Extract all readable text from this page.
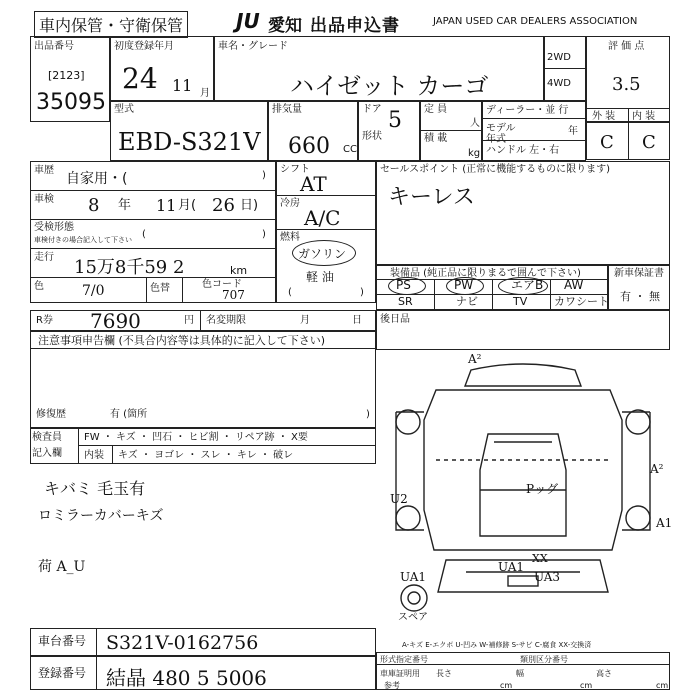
車内保管・守衛保管	JU 愛知 出品申込書	JAPAN USED CAR DEALERS ASSOCIATION
出品番号
[2123]
35095
初度登録年月
24 11 月
車名・グレード
ハイゼット カーゴ
2WD
4WD
評 価 点
3.5
外 装 内 装
C C
型式
EBD-S321V
排気量
660 CC
ドア 5
形状
定 員
人
積 載
kg
ディーラー・並 行
モデル 年式
年
ハンドル 左・右
車歴
自家用・(	)
車検 8 年 11 月( 26 日)
受検形態
車検付きの場合記入して下さい (	)
走行 15万8千59 2	km
色	7/0	色替	色コード
707
シフト
AT
冷房
A/C
燃料
ガソリン
軽 油
(	)
セールスポイント (正常に機能するものに限ります)
キーレス
装備品 (純正品に限りまるで囲んで下さい)
PS	PW	エアB AW
SR	ナビ	TV カワシート
新車保証書
有 ・ 無
R券 7690	円 名変期限	月	日 後日品
注意事項申告欄 (不具合内容等は具体的に記入して下さい)
修復歴	有 (箇所	)
検査員
記入欄
FW ・ キズ ・ 凹石 ・ ヒビ割 ・ リペア跡 ・ X要
内装 キズ ・ ヨゴレ ・ スレ ・ キレ ・ 破レ
キバミ 毛玉有
ロミラーカバーキズ
荷 A_U
A²
A²
U2
A1
UA1
UA1
UA3
XX
Pッグ
スペア
A-キズ E-エクボ U-凹み W-補修跡 S-サビ C-腐食 XX-交換済
車台番号 S321V-0162756
登録番号 結晶 480 5 5006
形式指定番号	類別区分番号
車庫証明用
参考
長さ
cm
幅
cm
高さ
cm
